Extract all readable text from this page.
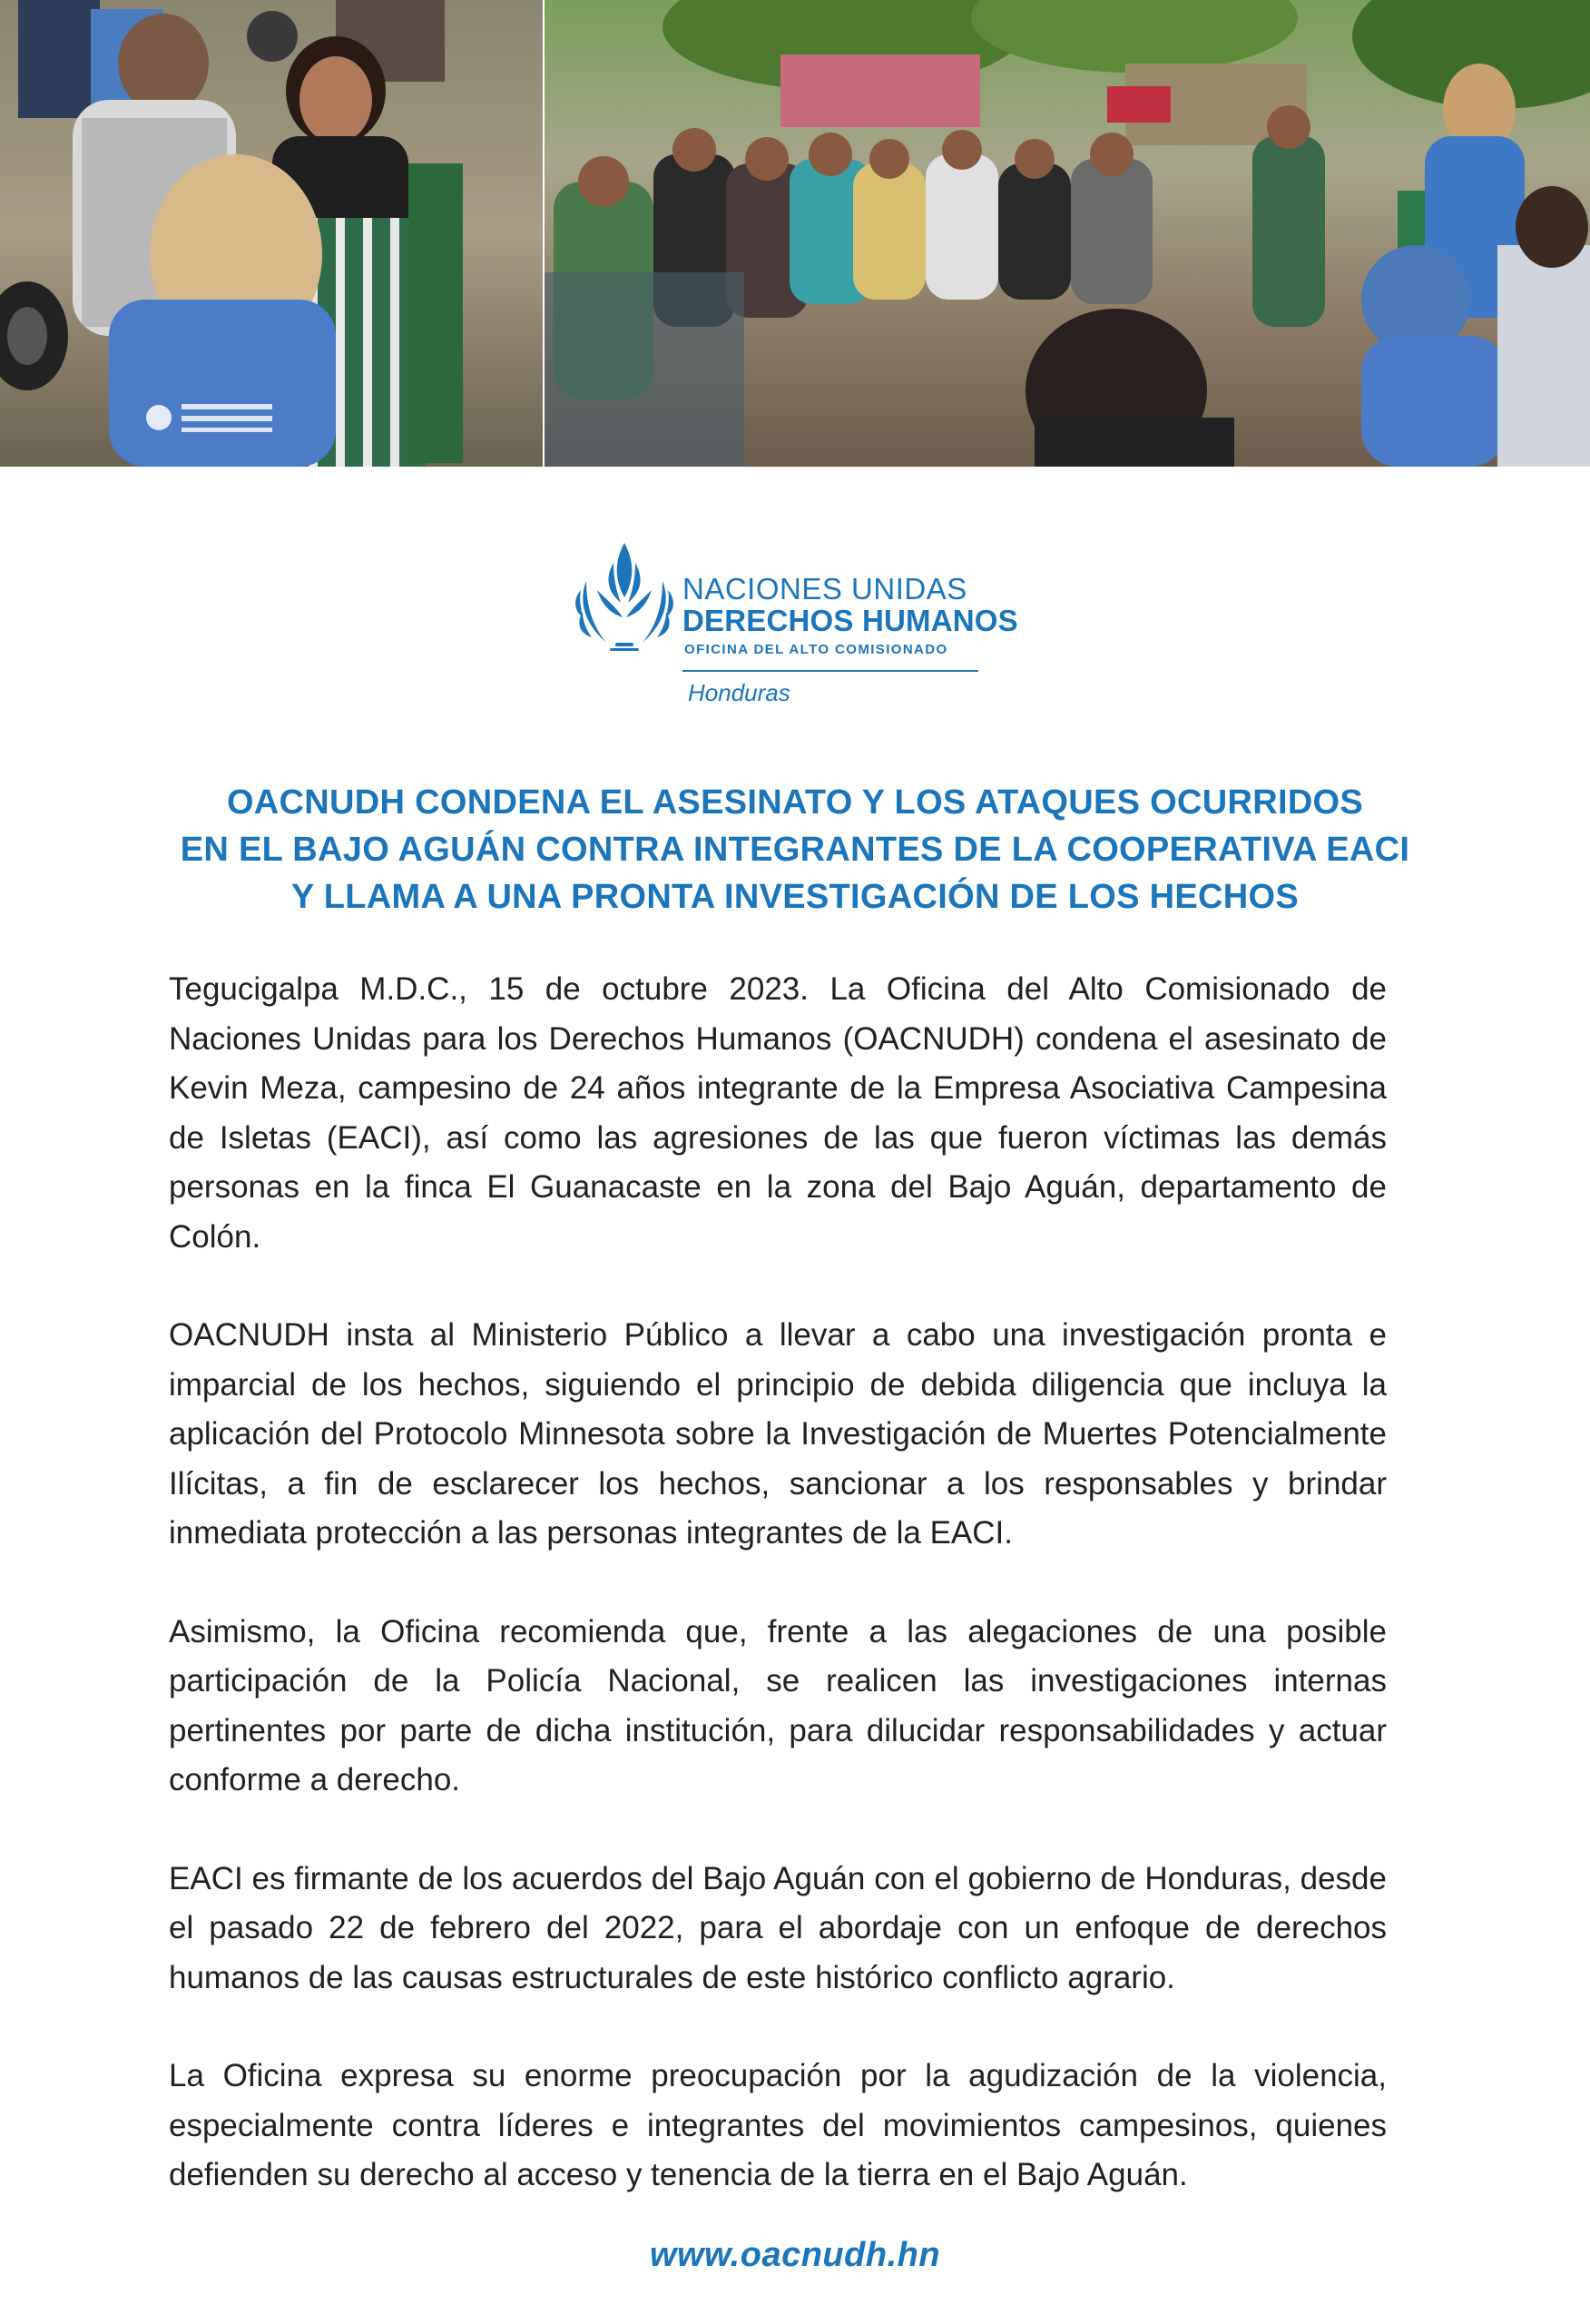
NACIONES UNIDAS
DERECHOS HUMANOS
OFICINA DEL ALTO COMISIONADO
Honduras
OACNUDH CONDENA EL ASESINATO Y LOS ATAQUES OCURRIDOS
EN EL BAJO AGUÁN CONTRA INTEGRANTES DE LA COOPERATIVA EACI
Y LLAMA A UNA PRONTA INVESTIGACIÓN DE LOS HECHOS

Tegucigalpa M.D.C., 15 de octubre 2023. La Oficina del Alto Comisionado de Naciones Unidas para los Derechos Humanos (OACNUDH) condena el asesinato de Kevin Meza, campesino de 24 años integrante de la Empresa Asociativa Campesina de Isletas (EACI), así como las agresiones de las que fueron víctimas las demás personas en la finca El Guanacaste en la zona del Bajo Aguán, departamento de Colón.

OACNUDH insta al Ministerio Público a llevar a cabo una investigación pronta e imparcial de los hechos, siguiendo el principio de debida diligencia que incluya la aplicación del Protocolo Minnesota sobre la Investigación de Muertes Potencialmente Ilícitas, a fin de esclarecer los hechos, sancionar a los responsables y brindar inmediata protección a las personas integrantes de la EACI.

Asimismo, la Oficina recomienda que, frente a las alegaciones de una posible participación de la Policía Nacional, se realicen las investigaciones internas pertinentes por parte de dicha institución, para dilucidar responsabilidades y actuar conforme a derecho.

EACI es firmante de los acuerdos del Bajo Aguán con el gobierno de Honduras, desde el pasado 22 de febrero del 2022, para el abordaje con un enfoque de derechos humanos de las causas estructurales de este histórico conflicto agrario.

La Oficina expresa su enorme preocupación por la agudización de la violencia, especialmente contra líderes e integrantes del movimientos campesinos, quienes defienden su derecho al acceso y tenencia de la tierra en el Bajo Aguán.

www.oacnudh.hn
